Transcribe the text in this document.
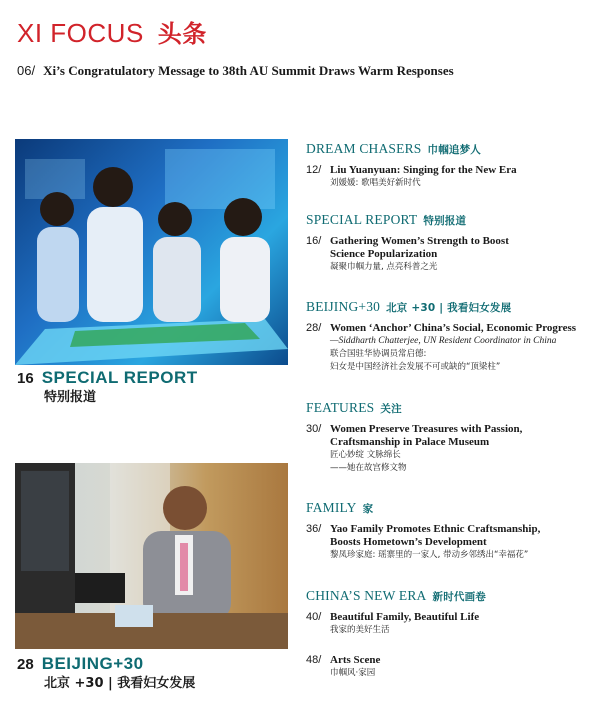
XI FOCUS 头条
06/ Xi’s Congratulatory Message to 38th AU Summit Draws Warm Responses
16 SPECIAL REPORT
特别报道
28 BEIJING+30
北京 +30 | 我看妇女发展
DREAM CHASERS 巾帼追梦人
12/ Liu Yuanyuan: Singing for the New Era
刘媛媛: 歌唱美好新时代
SPECIAL REPORT 特别报道
16/ Gathering Women’s Strength to Boost
Science Popularization
凝聚巾帼力量, 点亮科普之光
BEIJING+30 北京 +30 | 我看妇女发展
28/ Women ‘Anchor’ China’s Social, Economic Progress
—Siddharth Chatterjee, UN Resident Coordinator in China
联合国驻华协调员常启德:
妇女是中国经济社会发展不可或缺的“顶梁柱”
FEATURES 关注
30/ Women Preserve Treasures with Passion,
Craftsmanship in Palace Museum
匠心妙绽 文脉绵长
——她在故宫修文物
FAMILY 家
36/ Yao Family Promotes Ethnic Craftsmanship,
Boosts Hometown’s Development
黎凤珍家庭: 瑶寨里的一家人, 带动乡邻绣出“幸福花”
CHINA’S NEW ERA 新时代画卷
40/ Beautiful Family, Beautiful Life
我家的美好生活
48/ Arts Scene
巾帼风·家园
